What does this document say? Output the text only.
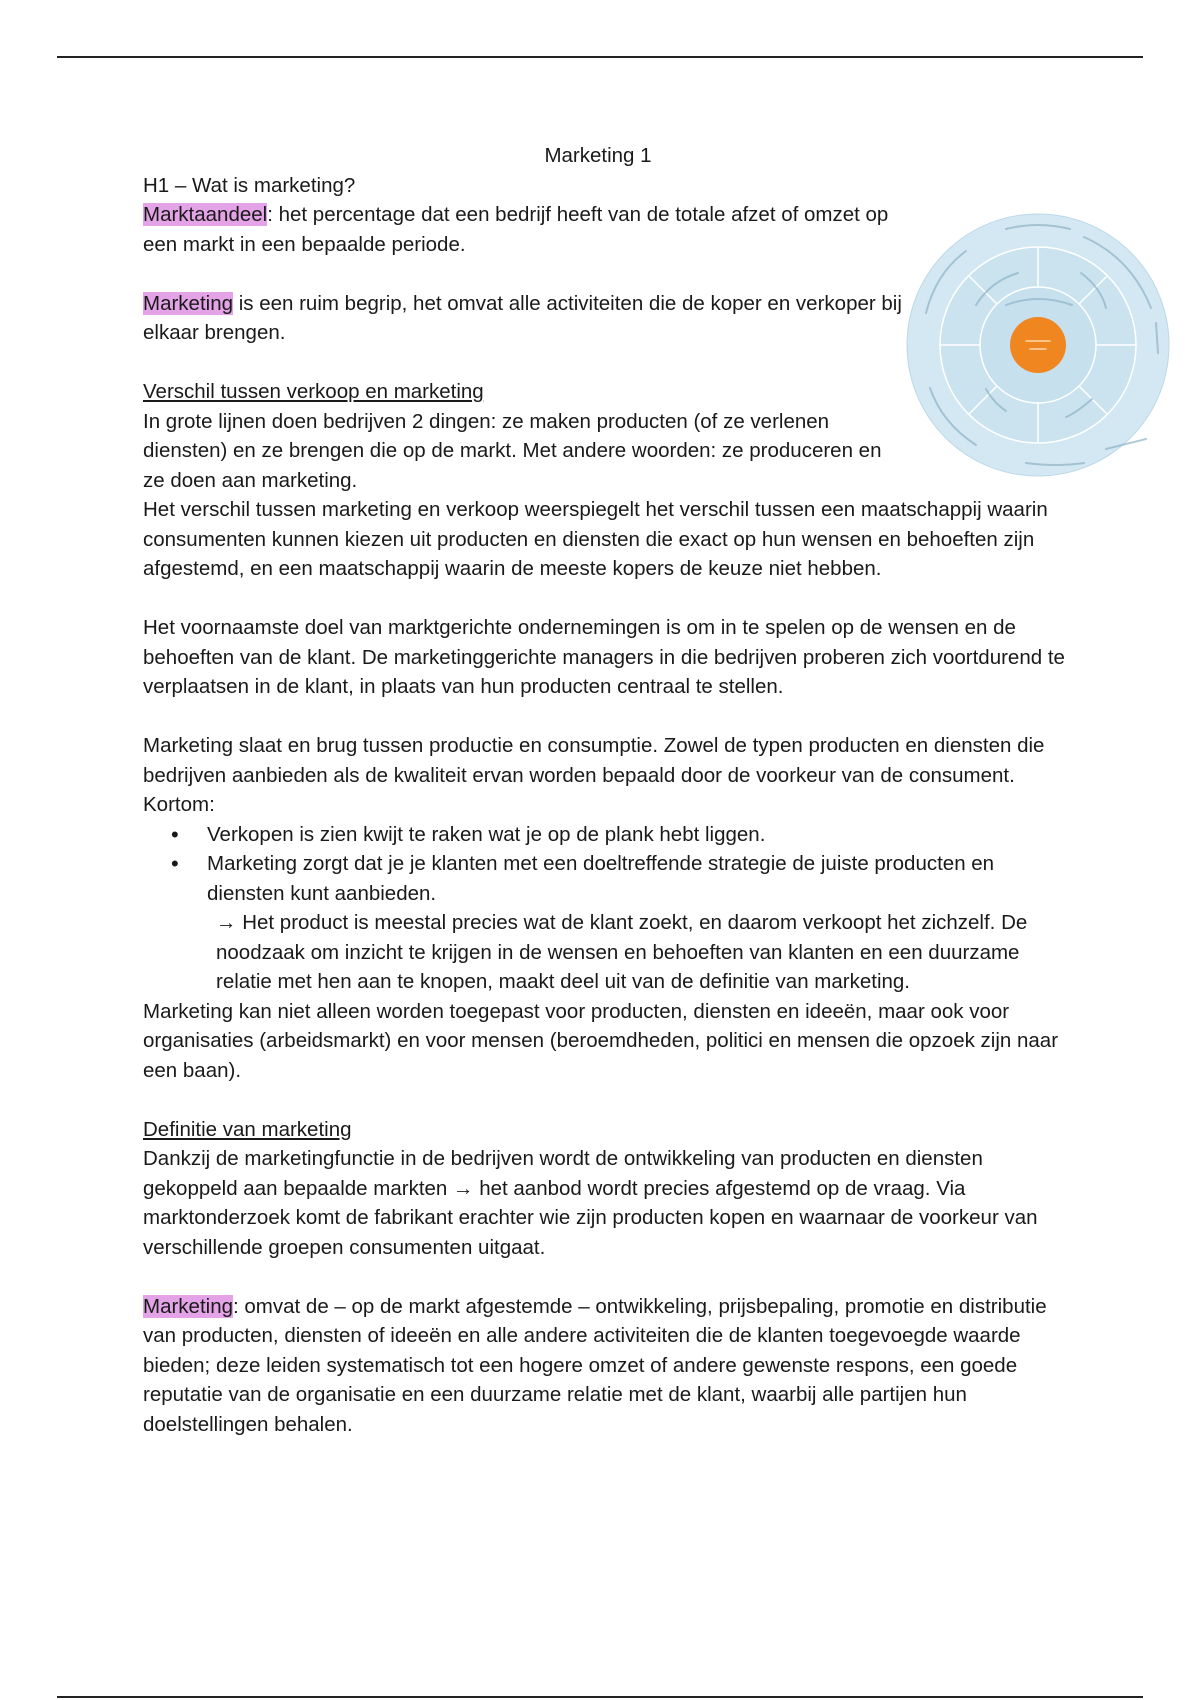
Marketing 1

H1 – Wat is marketing?

Marktaandeel: het percentage dat een bedrijf heeft van de totale afzet of omzet op een markt in een bepaalde periode.

Marketing is een ruim begrip, het omvat alle activiteiten die de koper en verkoper bij elkaar brengen.

Verschil tussen verkoop en marketing

In grote lijnen doen bedrijven 2 dingen: ze maken producten (of ze verlenen diensten) en ze brengen die op de markt. Met andere woorden: ze produceren en ze doen aan marketing.

Het verschil tussen marketing en verkoop weerspiegelt het verschil tussen een maatschappij waarin consumenten kunnen kiezen uit producten en diensten die exact op hun wensen en behoeften zijn afgestemd, en een maatschappij waarin de meeste kopers de keuze niet hebben.

Het voornaamste doel van marktgerichte ondernemingen is om in te spelen op de wensen en de behoeften van de klant. De marketinggerichte managers in die bedrijven proberen zich voortdurend te verplaatsen in de klant, in plaats van hun producten centraal te stellen.

Marketing slaat en brug tussen productie en consumptie. Zowel de typen producten en diensten die bedrijven aanbieden als de kwaliteit ervan worden bepaald door de voorkeur van de consument. Kortom:

• Verkopen is zien kwijt te raken wat je op de plank hebt liggen.
• Marketing zorgt dat je je klanten met een doeltreffende strategie de juiste producten en diensten kunt aanbieden.

→ Het product is meestal precies wat de klant zoekt, en daarom verkoopt het zichzelf. De noodzaak om inzicht te krijgen in de wensen en behoeften van klanten en een duurzame relatie met hen aan te knopen, maakt deel uit van de definitie van marketing.

Marketing kan niet alleen worden toegepast voor producten, diensten en ideeën, maar ook voor organisaties (arbeidsmarkt) en voor mensen (beroemdheden, politici en mensen die opzoek zijn naar een baan).

Definitie van marketing

Dankzij de marketingfunctie in de bedrijven wordt de ontwikkeling van producten en diensten gekoppeld aan bepaalde markten → het aanbod wordt precies afgestemd op de vraag. Via marktonderzoek komt de fabrikant erachter wie zijn producten kopen en waarnaar de voorkeur van verschillende groepen consumenten uitgaat.

Marketing: omvat de – op de markt afgestemde – ontwikkeling, prijsbepaling, promotie en distributie van producten, diensten of ideeën en alle andere activiteiten die de klanten toegevoegde waarde bieden; deze leiden systematisch tot een hogere omzet of andere gewenste respons, een goede reputatie van de organisatie en een duurzame relatie met de klant, waarbij alle partijen hun doelstellingen behalen.
